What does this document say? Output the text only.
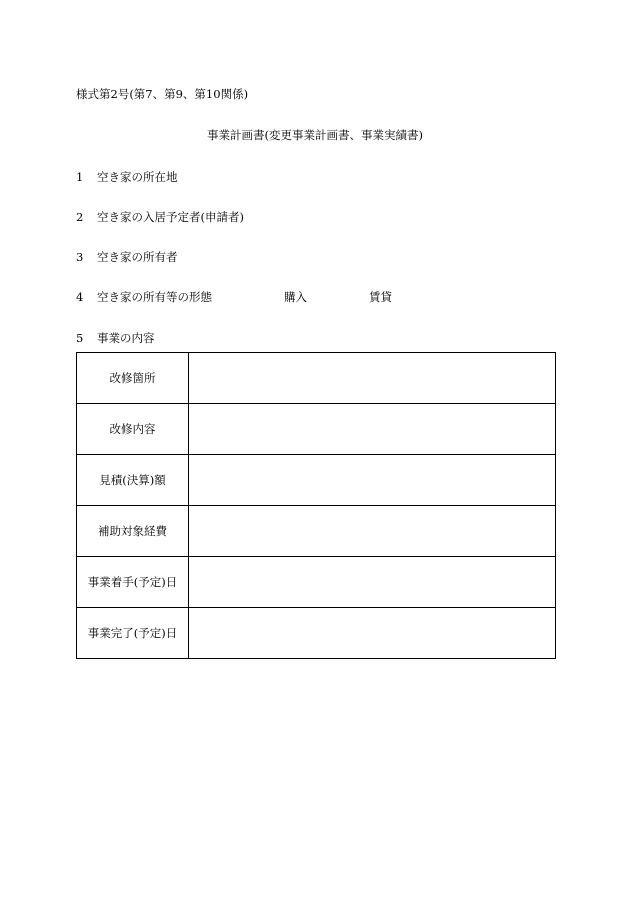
様式第2号(第7、第9、第10関係)
事業計画書(変更事業計画書、事業実績書)
1 空き家の所在地
2 空き家の入居予定者(申請者)
3 空き家の所有者
4 空き家の所有等の形態	購入	賃貸
5 事業の内容
改修箇所	
改修内容	
見積(決算)額	
補助対象経費	
事業着手(予定)日	
事業完了(予定)日	
